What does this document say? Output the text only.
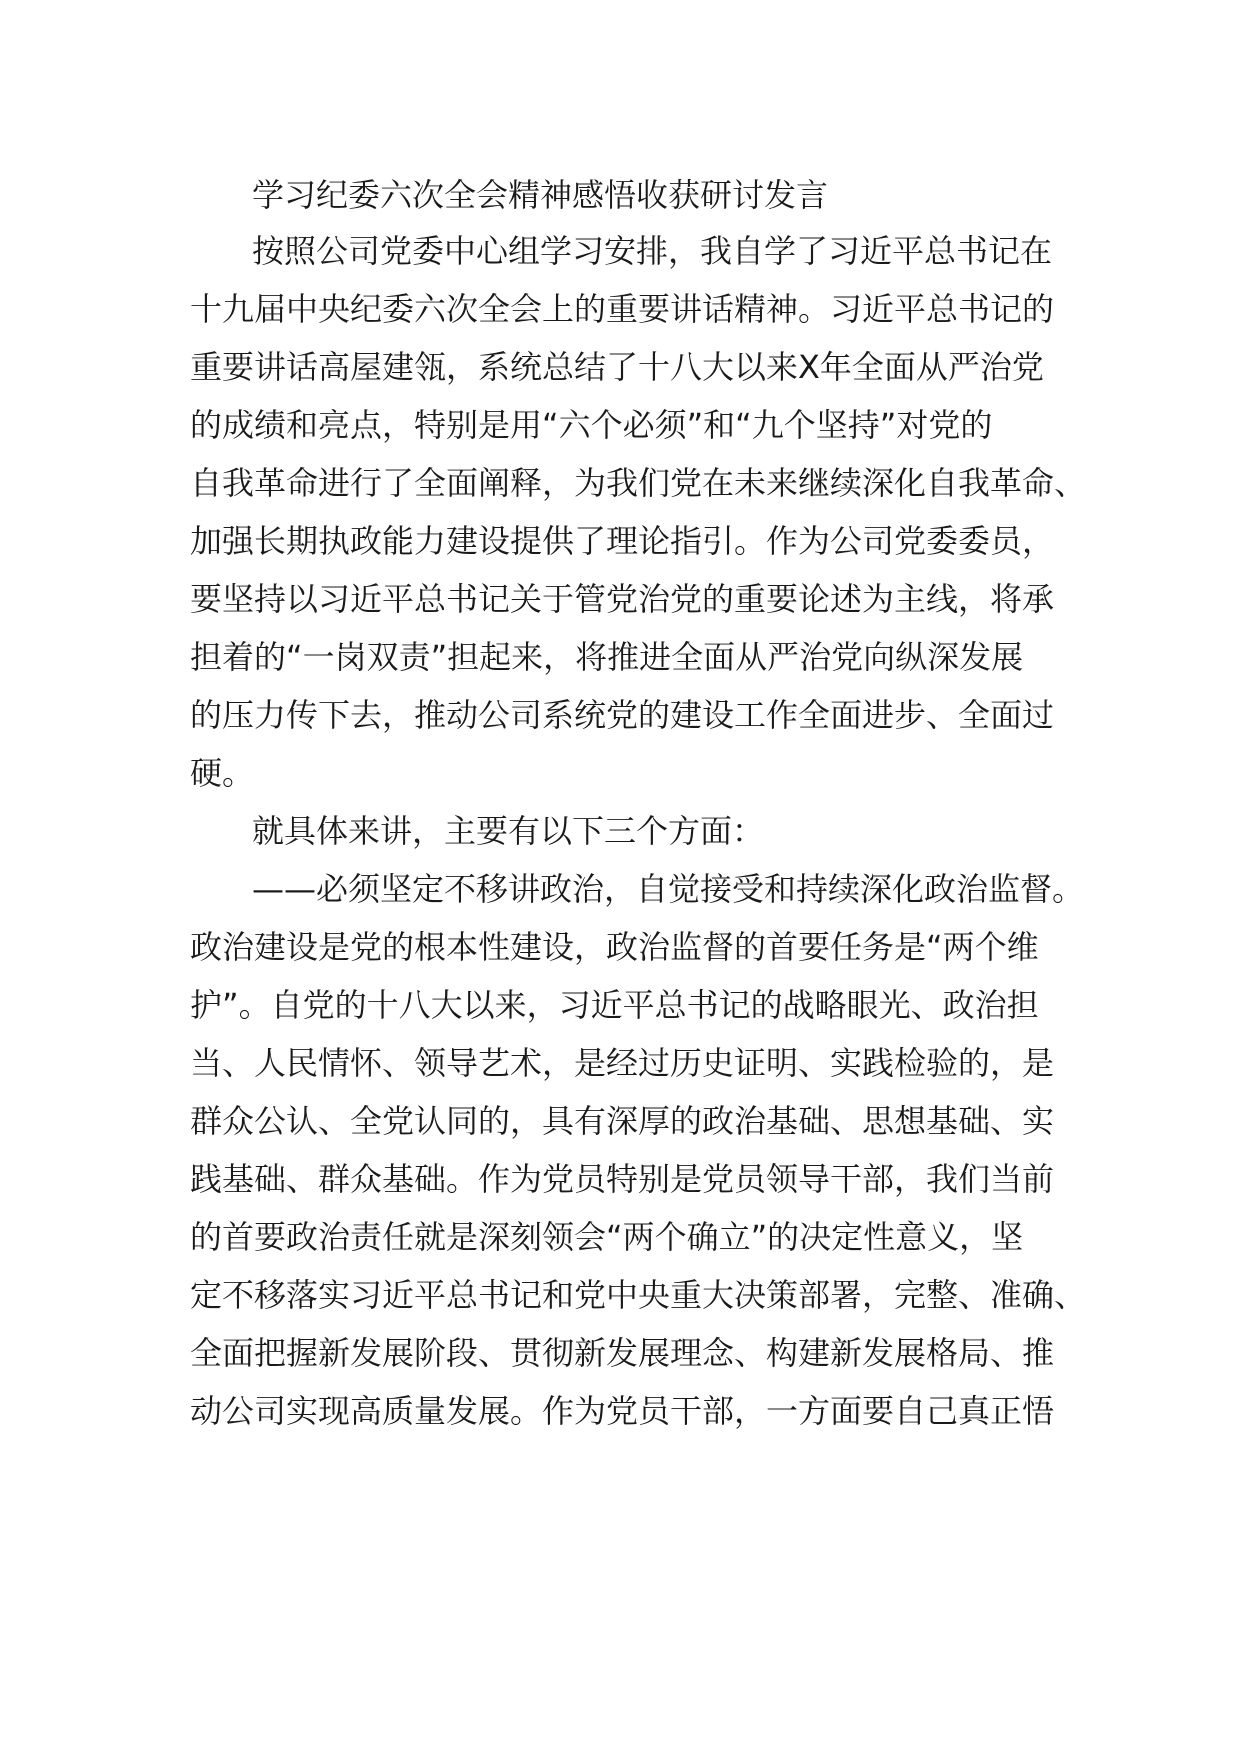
学习纪委六次全会精神感悟收获研讨发言

按照公司党委中心组学习安排，我自学了习近平总书记在

十九届中央纪委六次全会上的重要讲话精神。习近平总书记的

重要讲话高屋建瓴，系统总结了十八大以来X年全面从严治党

的成绩和亮点，特别是用“六个必须”和“九个坚持”对党的

自我革命进行了全面阐释，为我们党在未来继续深化自我革命、

加强长期执政能力建设提供了理论指引。作为公司党委委员，

要坚持以习近平总书记关于管党治党的重要论述为主线，将承

担着的“一岗双责”担起来，将推进全面从严治党向纵深发展

的压力传下去，推动公司系统党的建设工作全面进步、全面过

硬。

就具体来讲，主要有以下三个方面：

——必须坚定不移讲政治，自觉接受和持续深化政治监督。

政治建设是党的根本性建设，政治监督的首要任务是“两个维

护”。自党的十八大以来，习近平总书记的战略眼光、政治担

当、人民情怀、领导艺术，是经过历史证明、实践检验的，是

群众公认、全党认同的，具有深厚的政治基础、思想基础、实

践基础、群众基础。作为党员特别是党员领导干部，我们当前

的首要政治责任就是深刻领会“两个确立”的决定性意义，坚

定不移落实习近平总书记和党中央重大决策部署，完整、准确、

全面把握新发展阶段、贯彻新发展理念、构建新发展格局、推

动公司实现高质量发展。作为党员干部，一方面要自己真正悟
